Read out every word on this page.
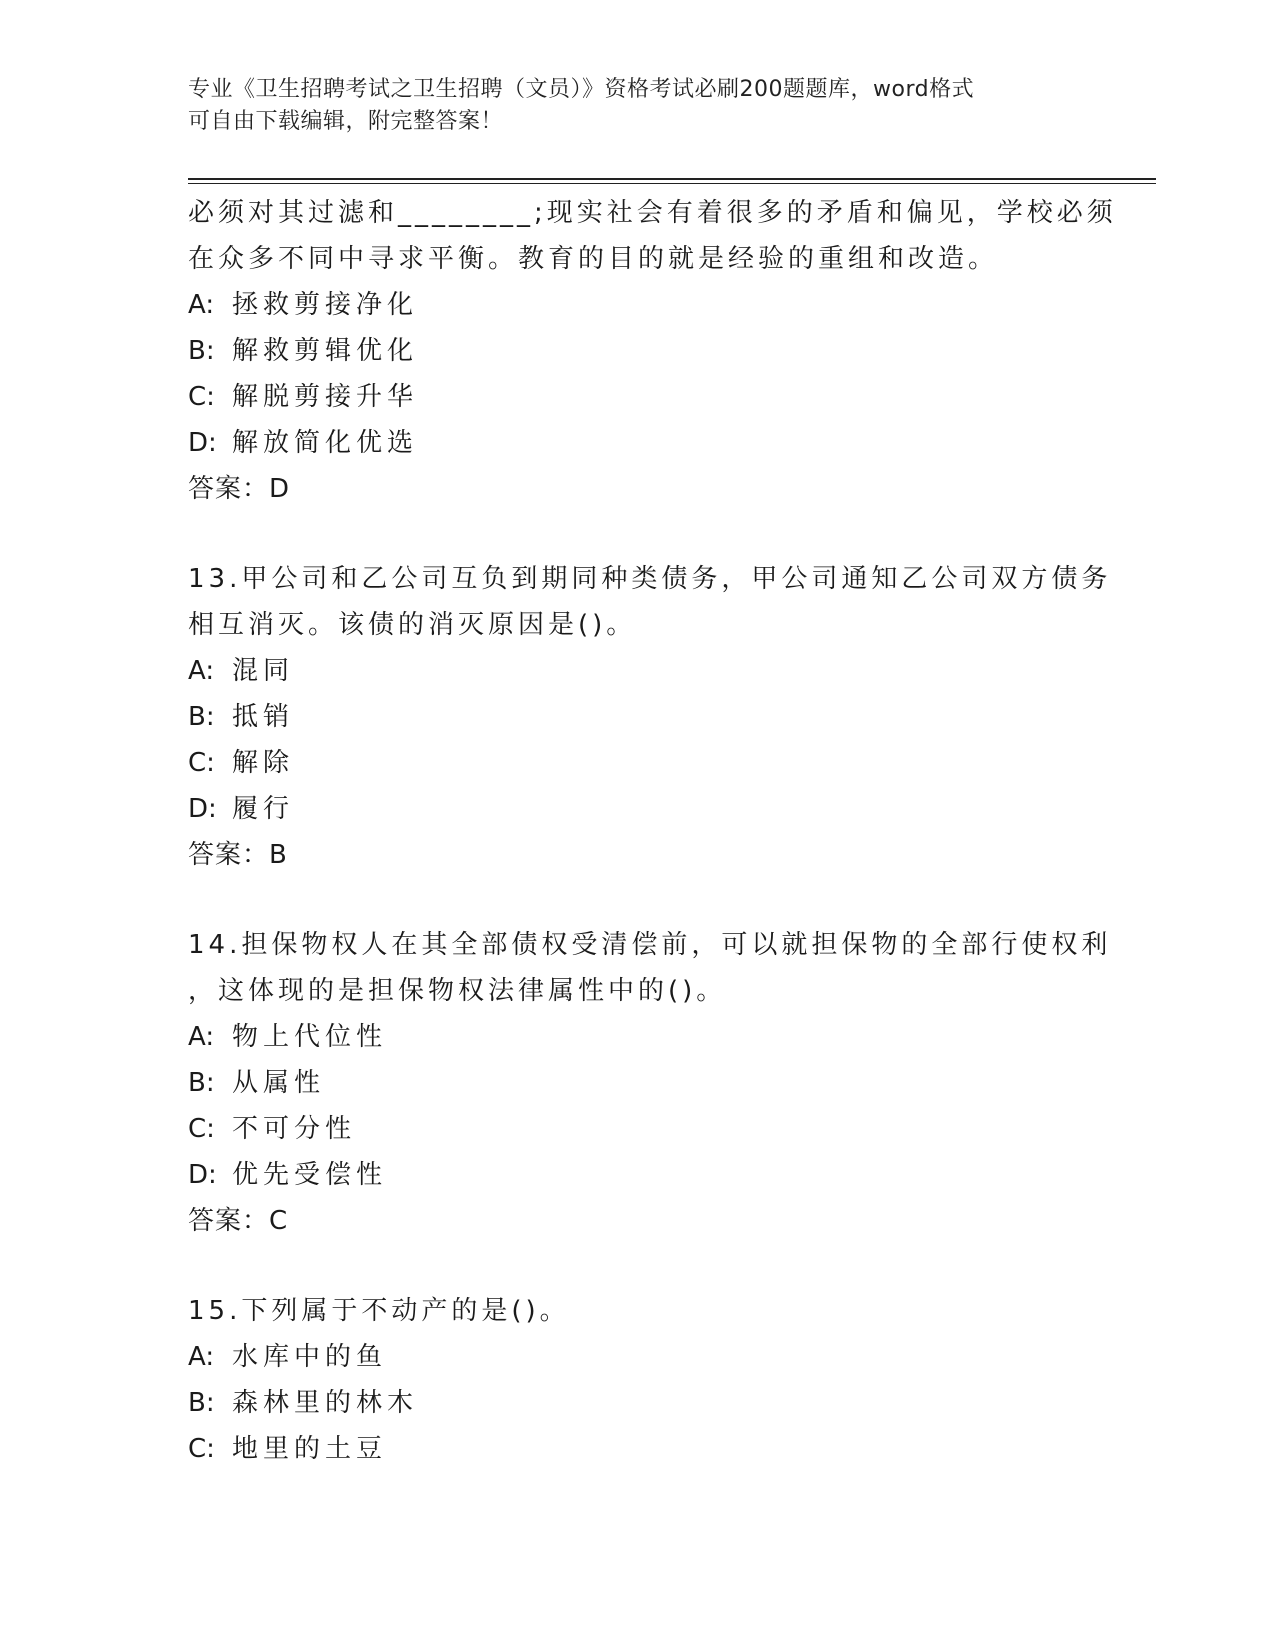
专业《卫生招聘考试之卫生招聘（文员）》资格考试必刷200题题库，word格式
可自由下载编辑，附完整答案！
必须对其过滤和________;现实社会有着很多的矛盾和偏见，学校必须
在众多不同中寻求平衡。教育的目的就是经验的重组和改造。
A: 拯救剪接净化
B: 解救剪辑优化
C: 解脱剪接升华
D: 解放简化优选
答案：D
13.甲公司和乙公司互负到期同种类债务，甲公司通知乙公司双方债务
相互消灭。该债的消灭原因是()。
A: 混同
B: 抵销
C: 解除
D: 履行
答案：B
14.担保物权人在其全部债权受清偿前，可以就担保物的全部行使权利
，这体现的是担保物权法律属性中的()。
A: 物上代位性
B: 从属性
C: 不可分性
D: 优先受偿性
答案：C
15.下列属于不动产的是()。
A: 水库中的鱼
B: 森林里的林木
C: 地里的土豆
